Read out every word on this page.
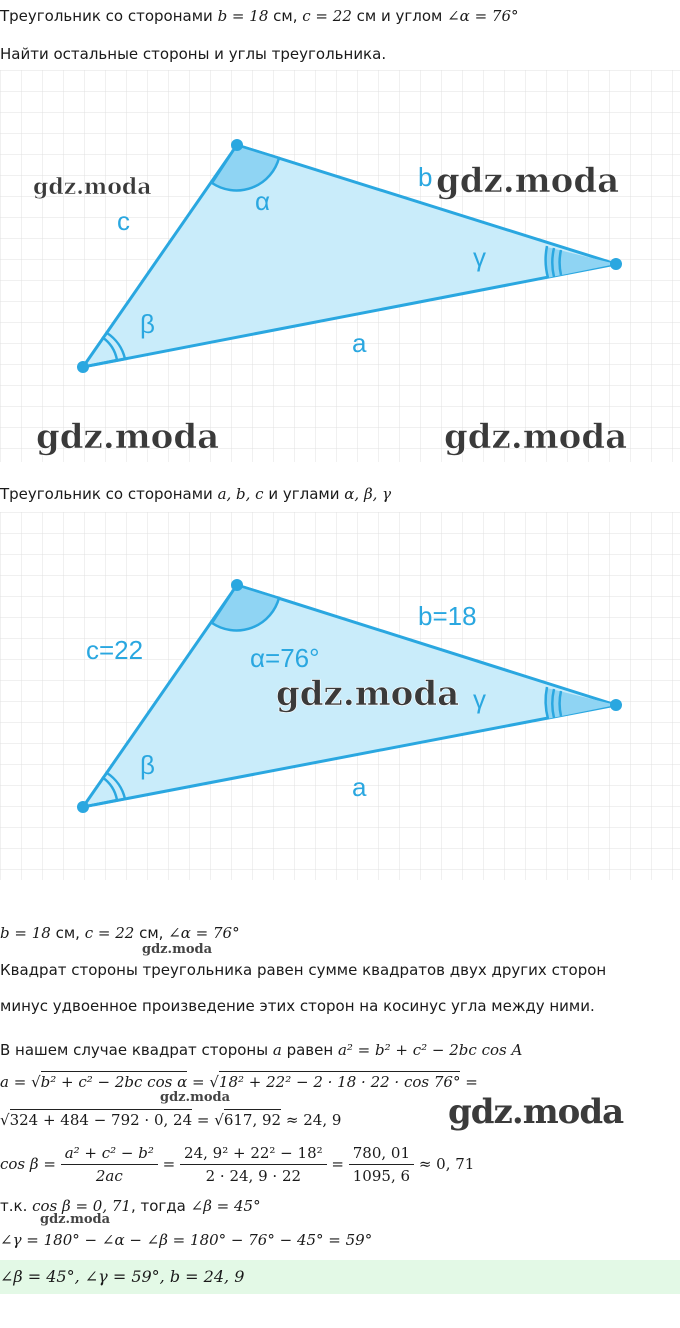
Треугольник со сторонами b = 18 см, c = 22 см и углом ∠α = 76°
Найти остальные стороны и углы треугольника.
c
b
a
α
β
γ
gdz.moda	gdz.moda
gdz.moda	gdz.moda
Треугольник со сторонами a, b, c и углами α, β, γ
c=22
b=18
a
α=76°
β
γ
gdz.moda
b = 18 см, c = 22 см, ∠α = 76°
gdz.moda
Квадрат стороны треугольника равен сумме квадратов двух других сторон
минус удвоенное произведение этих сторон на косинус угла между ними.
В нашем случае квадрат стороны a равен a² = b² + c² − 2bc cos A
a = √b² + c² − 2bc cos α = √18² + 22² − 2 · 18 · 22 · cos 76° =
gdz.moda
√324 + 484 − 792 · 0, 24 = √617, 92 ≈ 24, 9	gdz.moda
$\cos \beta = \frac{\text{a² + c² − b²}}{2ac} = \frac{\text{24, 9² + 22² − 18²}}{2 \cdot 24, 9 \cdot 22} = \frac{780, 01}{1095, 6} \approx 0$, 71
т.к. cos β = 0, 71, тогда ∠β = 45°
gdz.moda
∠γ = 180° − ∠α − ∠β = 180° − 76° − 45° = 59°
∠β = 45°, ∠γ = 59°, b = 24, 9
